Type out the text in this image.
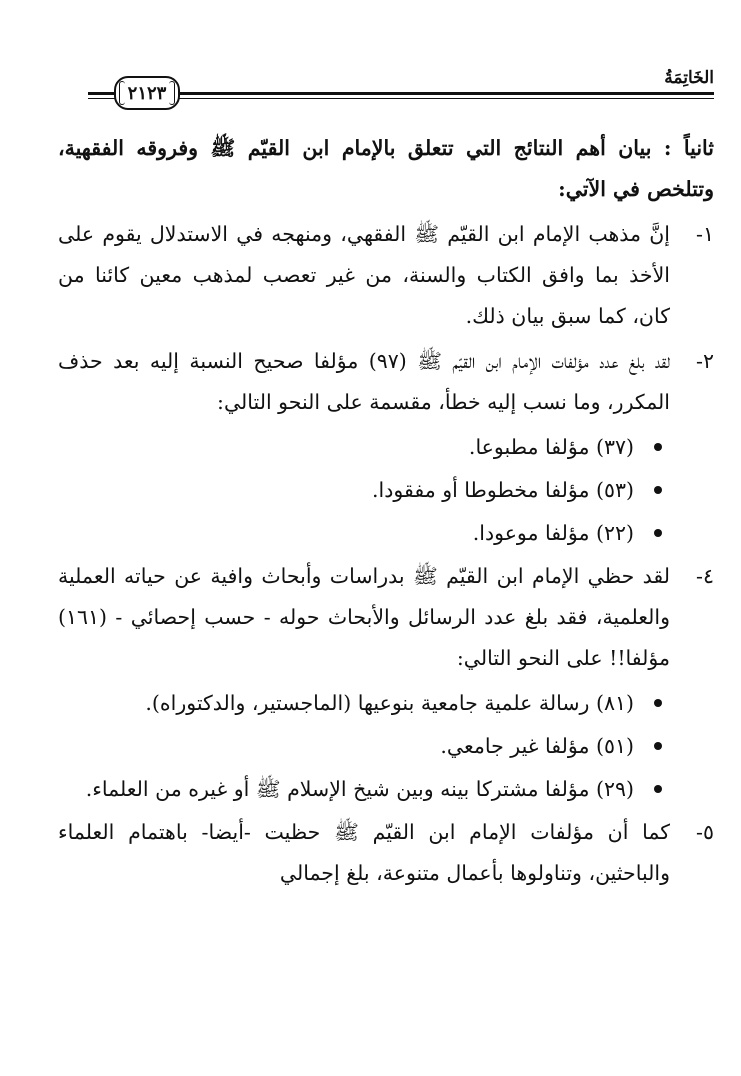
٢١٢٣
الخَاتِمَةُ

ثانياً : بيان أهم النتائج التي تتعلق بالإمام ابن القيّم ﷺ وفروقه الفقهية، وتتلخص في الآتي:

١-
إنَّ مذهب الإمام ابن القيّم ﷺ الفقهي، ومنهجه في الاستدلال يقوم على الأخذ بما وافق الكتاب والسنة، من غير تعصب لمذهب معين كائنا من كان، كما سبق بيان ذلك.
٢-
لقد بلغ عدد مؤلفات الإمام ابن القيّم ﷺ (٩٧) مؤلفا صحيح النسبة إليه بعد حذف المكرر، وما نسب إليه خطأ، مقسمة على النحو التالي:
(٣٧) مؤلفا مطبوعا.
(٥٣) مؤلفا مخطوطا أو مفقودا.
(٢٢) مؤلفا موعودا.
٤-
لقد حظي الإمام ابن القيّم ﷺ بدراسات وأبحاث وافية عن حياته العملية والعلمية، فقد بلغ عدد الرسائل والأبحاث حوله - حسب إحصائي - (١٦١) مؤلفا!! على النحو التالي:
(٨١) رسالة علمية جامعية بنوعيها (الماجستير، والدكتوراه).
(٥١) مؤلفا غير جامعي.
(٢٩) مؤلفا مشتركا بينه وبين شيخ الإسلام ﷺ أو غيره من العلماء.
٥-
كما أن مؤلفات الإمام ابن القيّم ﷺ حظيت -أيضا- باهتمام العلماء والباحثين، وتناولوها بأعمال متنوعة، بلغ إجمالي
